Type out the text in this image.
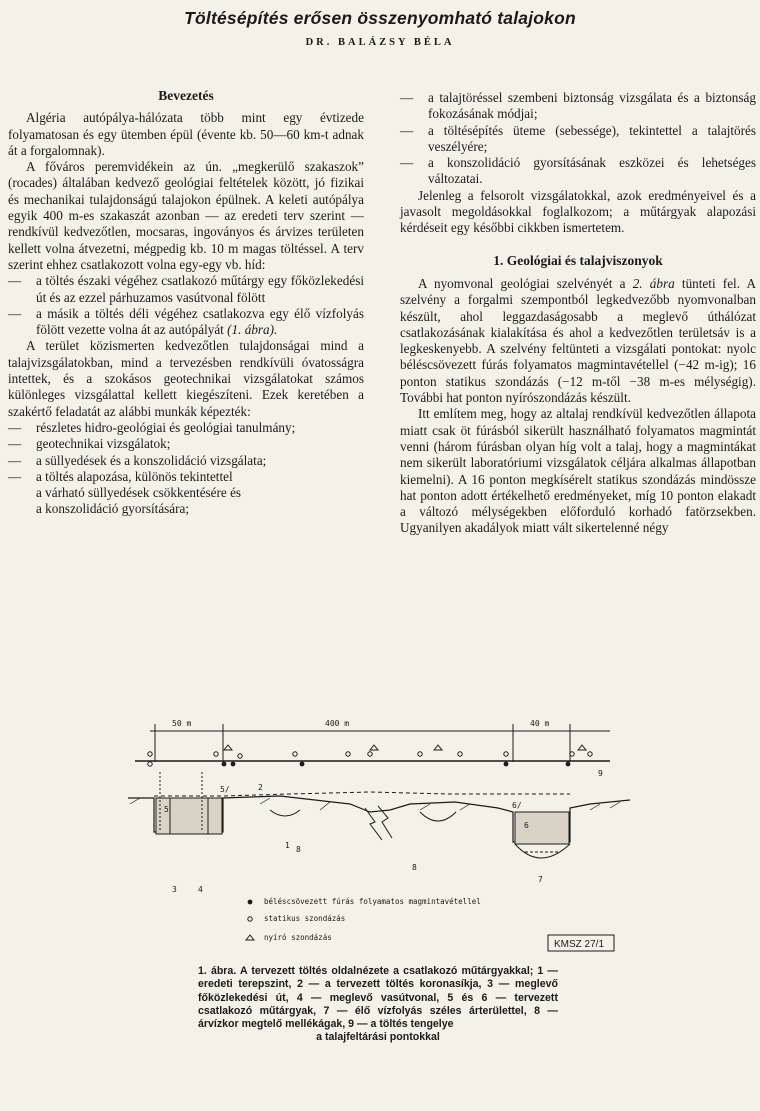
Töltésépítés erősen összenyomható talajokon
DR. BALÁZSY BÉLA
Bevezetés

Algéria autópálya-hálózata több mint egy évtizede folyamatosan és egy ütemben épül (évente kb. 50—60 km-t adnak át a forgalomnak).

A főváros peremvidékein az ún. „megkerülő szakaszok” (rocades) általában kedvező geológiai feltételek között, jó fizikai és mechanikai tulajdonságú talajokon épülnek. A keleti autópálya egyik 400 m-es szakaszát azonban — az eredeti terv szerint — rendkívül kedvezőtlen, mocsaras, ingoványos és árvizes területen kellett volna átvezetni, mégpedig kb. 10 m magas töltéssel. A terv szerint ehhez csatlakozott volna egy-egy vb. híd:

— a töltés északi végéhez csatlakozó műtárgy egy főközlekedési út és az ezzel párhuzamos vasútvonal fölött
— a másik a töltés déli végéhez csatlakozva egy élő vízfolyás fölött vezette volna át az autópályát (1. ábra).

A terület közismerten kedvezőtlen tulajdonságai mind a talajvizsgálatokban, mind a tervezésben rendkívüli óvatosságra intettek, és a szokásos geotechnikai vizsgálatokat számos különleges vizsgálattal kellett kiegészíteni. Ezek keretében a szakértő feladatát az alábbi munkák képezték:

— részletes hidro-geológiai és geológiai tanulmány;
— geotechnikai vizsgálatok;
— a süllyedések és a konszolidáció vizsgálata;
— a töltés alapozása, különös tekintettel
a várható süllyedések csökkentésére és
a konszolidáció gyorsítására;
— a talajtöréssel szembeni biztonság vizsgálata és a biztonság fokozásának módjai;
— a töltésépítés üteme (sebessége), tekintettel a talajtörés veszélyére;
— a konszolidáció gyorsításának eszközei és lehetséges változatai.

Jelenleg a felsorolt vizsgálatokkal, azok eredményeivel és a javasolt megoldásokkal foglalkozom; a műtárgyak alapozási kérdéseit egy későbbi cikkben ismertetem.

1. Geológiai és talajviszonyok

A nyomvonal geológiai szelvényét a 2. ábra tünteti fel. A szelvény a forgalmi szempontból legkedvezőbb nyomvonalban készült, ahol leggazdaságosabb a meglevő úthálózat csatlakozásának kialakítása és ahol a kedvezőtlen területsáv is a legkeskenyebb. A szelvény feltünteti a vizsgálati pontokat: nyolc béléscsövezett fúrás folyamatos magmintavétellel (−42 m-ig); 16 ponton statikus szondázás (−12 m-től −38 m-es mélységig). További hat ponton nyírószondázás készült.

Itt említem meg, hogy az altalaj rendkívül kedvezőtlen állapota miatt csak öt fúrásból sikerült használható folyamatos magmintát venni (három fúrásban olyan híg volt a talaj, hogy a magmintákat nem sikerült laboratóriumi vizsgálatok céljára alkalmas állapotban kiemelni). A 16 ponton megkísérelt statikus szondázás mindössze hat ponton adott értékelhető eredményeket, míg 10 ponton elakadt a változó mélységekben előforduló korhadó fatörzsekben. Ugyanilyen akadályok miatt vált sikertelenné négy

50 m	400 m	40 m
5/	2
5
1 8
3	4
8
6/
6
7
9
béléscsövezett fúrás folyamatos magmintavétellel
statikus szondázás
nyíró szondázás
KMSZ 27/1
1. ábra. A tervezett töltés oldalnézete a csatlakozó műtárgyakkal; 1 — eredeti terepszint, 2 — a tervezett töltés koronasíkja, 3 — meglevő főközlekedési út, 4 — meglevő vasútvonal, 5 és 6 — tervezett csatlakozó műtárgyak, 7 — élő vízfolyás széles árterülettel, 8 — árvízkor megtelő mellékágak, 9 — a töltés tengelye
a talajfeltárási pontokkal
